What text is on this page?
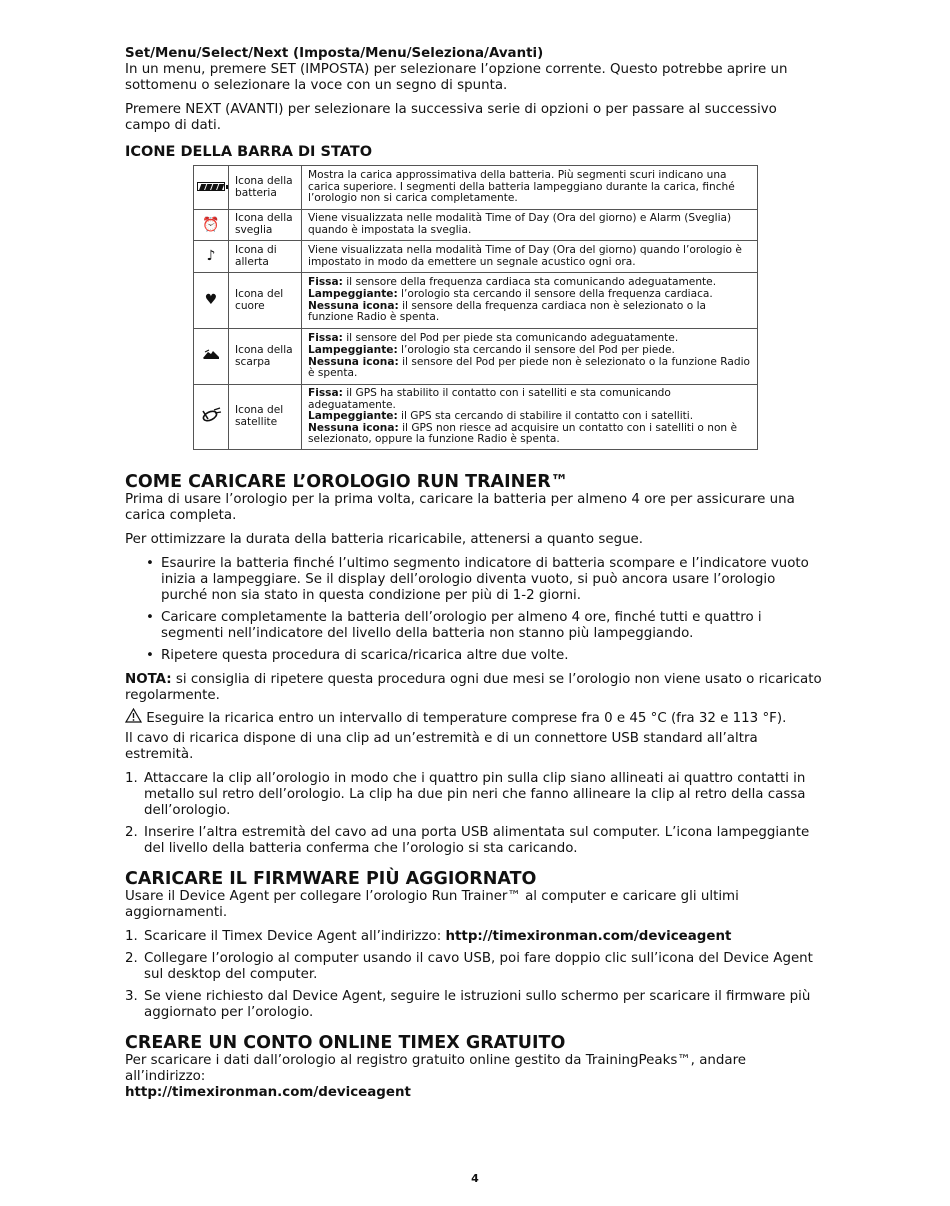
Set/Menu/Select/Next (Imposta/Menu/Seleziona/Avanti)

In un menu, premere SET (IMPOSTA) per selezionare l’opzione corrente. Questo potrebbe aprire un sottomenu o selezionare la voce con un segno di spunta.

Premere NEXT (AVANTI) per selezionare la successiva serie di opzioni o per passare al successivo campo di dati.

ICONE DELLA BARRA DI STATO
	Icona della batteria	Mostra la carica approssimativa della batteria. Più segmenti scuri indicano una carica superiore. I segmenti della batteria lampeggiano durante la carica, finché l’orologio non si carica completamente.
⏰	Icona della sveglia	Viene visualizzata nelle modalità Time of Day (Ora del giorno) e Alarm (Sveglia) quando è impostata la sveglia.
♪	Icona di allerta	Viene visualizzata nella modalità Time of Day (Ora del giorno) quando l’orologio è impostato in modo da emettere un segnale acustico ogni ora.
♥	Icona del cuore	Fissa: il sensore della frequenza cardiaca sta comunicando adeguatamente.
Lampeggiante: l’orologio sta cercando il sensore della frequenza cardiaca.
Nessuna icona: il sensore della frequenza cardiaca non è selezionato o la funzione Radio è spenta.
	Icona della scarpa	Fissa: il sensore del Pod per piede sta comunicando adeguatamente.
Lampeggiante: l’orologio sta cercando il sensore del Pod per piede.
Nessuna icona: il sensore del Pod per piede non è selezionato o la funzione Radio è spenta.
	Icona del satellite	Fissa: il GPS ha stabilito il contatto con i satelliti e sta comunicando adeguatamente.
Lampeggiante: il GPS sta cercando di stabilire il contatto con i satelliti.
Nessuna icona: il GPS non riesce ad acquisire un contatto con i satelliti o non è selezionato, oppure la funzione Radio è spenta.
COME CARICARE L’OROLOGIO RUN TRAINER™

Prima di usare l’orologio per la prima volta, caricare la batteria per almeno 4 ore per assicurare una carica completa.

Per ottimizzare la durata della batteria ricaricabile, attenersi a quanto segue.

• Esaurire la batteria finché l’ultimo segmento indicatore di batteria scompare e l’indicatore vuoto inizia a lampeggiare. Se il display dell’orologio diventa vuoto, si può ancora usare l’orologio purché non sia stato in questa condizione per più di 1-2 giorni.
• Caricare completamente la batteria dell’orologio per almeno 4 ore, finché tutti e quattro i segmenti nell’indicatore del livello della batteria non stanno più lampeggiando.
• Ripetere questa procedura di scarica/ricarica altre due volte.

NOTA: si consiglia di ripetere questa procedura ogni due mesi se l’orologio non viene usato o ricaricato regolarmente.

Eseguire la ricarica entro un intervallo di temperature comprese fra 0 e 45 °C (fra 32 e 113 °F).

Il cavo di ricarica dispone di una clip ad un’estremità e di un connettore USB standard all’altra estremità.

1. Attaccare la clip all’orologio in modo che i quattro pin sulla clip siano allineati ai quattro contatti in metallo sul retro dell’orologio. La clip ha due pin neri che fanno allineare la clip al retro della cassa dell’orologio.
2. Inserire l’altra estremità del cavo ad una porta USB alimentata sul computer. L’icona lampeggiante del livello della batteria conferma che l’orologio si sta caricando.
CARICARE IL FIRMWARE PIÙ AGGIORNATO

Usare il Device Agent per collegare l’orologio Run Trainer™ al computer e caricare gli ultimi aggiornamenti.

1. Scaricare il Timex Device Agent all’indirizzo: http://timexironman.com/deviceagent
2. Collegare l’orologio al computer usando il cavo USB, poi fare doppio clic sull’icona del Device Agent sul desktop del computer.
3. Se viene richiesto dal Device Agent, seguire le istruzioni sullo schermo per scaricare il firmware più aggiornato per l’orologio.
CREARE UN CONTO ONLINE TIMEX GRATUITO

Per scaricare i dati dall’orologio al registro gratuito online gestito da TrainingPeaks™, andare all’indirizzo:

http://timexironman.com/deviceagent

4
